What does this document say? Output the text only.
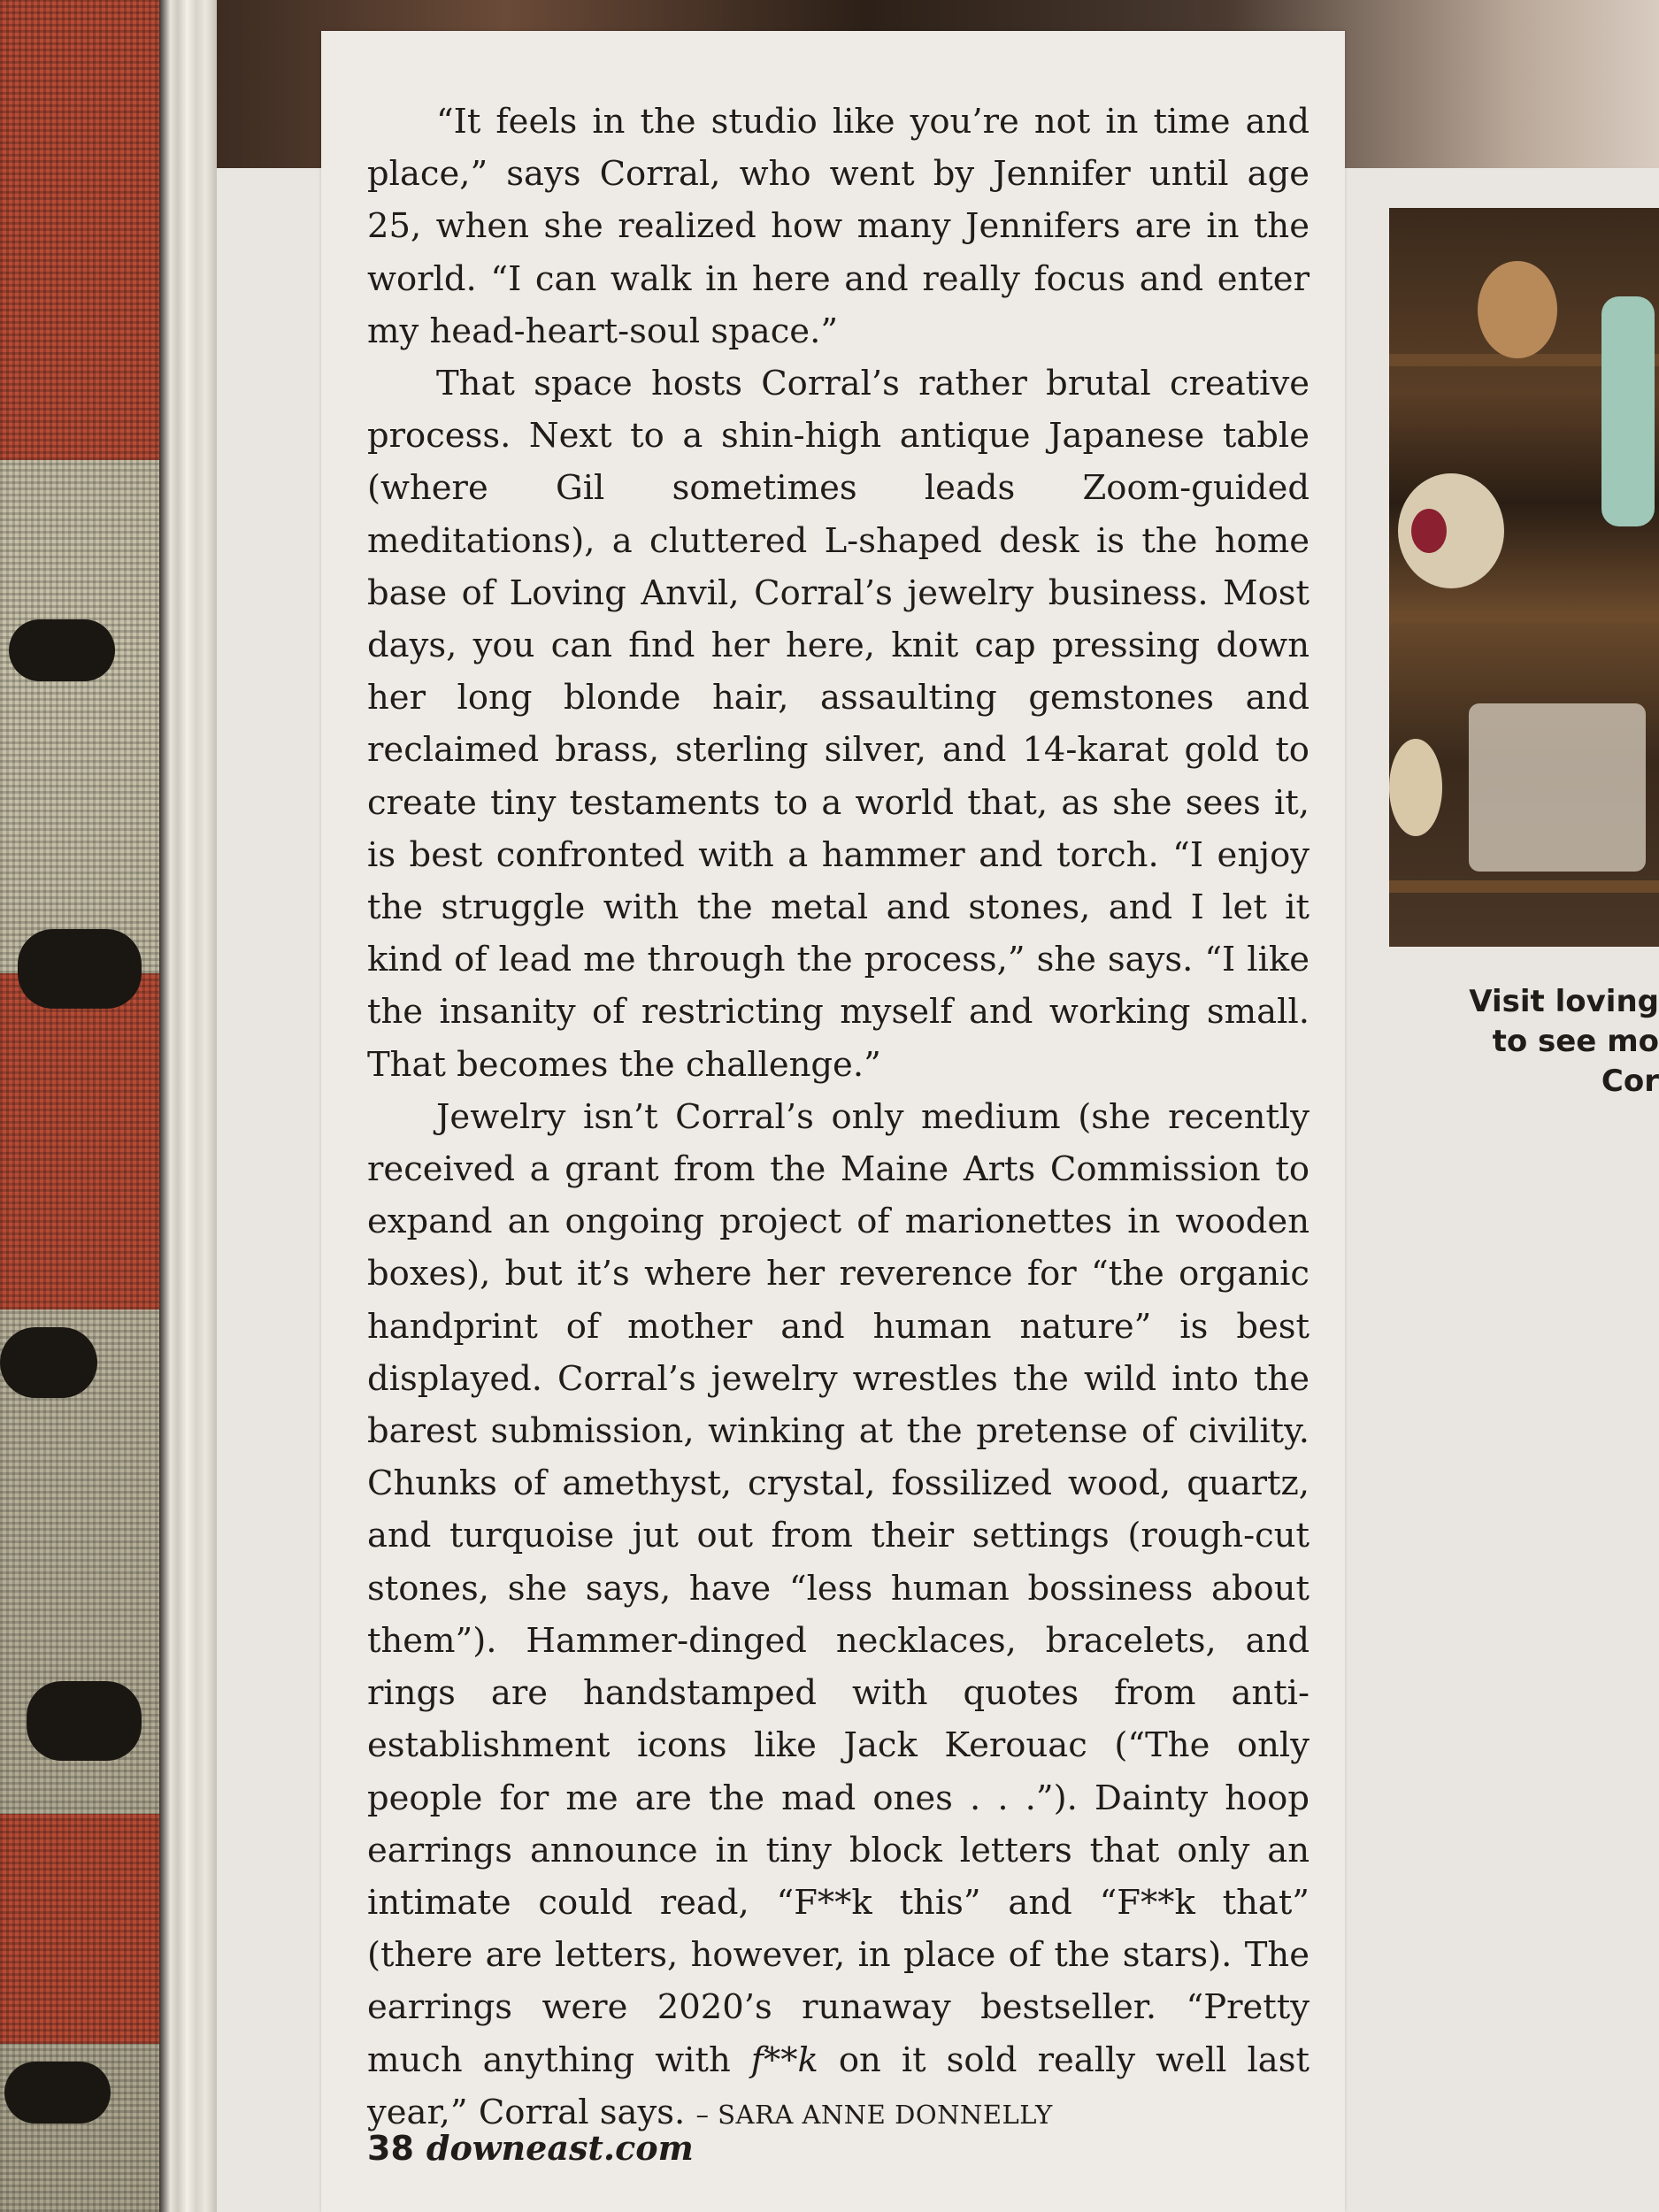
“It feels in the studio like you’re not in time and place,” says Corral, who went by Jennifer until age 25, when she realized how many Jennifers are in the world. “I can walk in here and really focus and enter my head-heart-soul space.”

That space hosts Corral’s rather brutal creative process. Next to a shin-high antique Japanese table (where Gil sometimes leads Zoom-guided meditations), a cluttered L-shaped desk is the home base of Loving Anvil, Corral’s jewelry business. Most days, you can find her here, knit cap pressing down her long blonde hair, assaulting gemstones and reclaimed brass, sterling silver, and 14-karat gold to create tiny testaments to a world that, as she sees it, is best confronted with a hammer and torch. “I enjoy the struggle with the metal and stones, and I let it kind of lead me through the process,” she says. “I like the insanity of restricting myself and working small. That becomes the challenge.”

Jewelry isn’t Corral’s only medium (she recently received a grant from the Maine Arts Commission to expand an ongoing project of marionettes in wooden boxes), but it’s where her reverence for “the organic handprint of mother and human nature” is best displayed. Corral’s jewelry wrestles the wild into the barest submission, winking at the pretense of civility. Chunks of amethyst, crystal, fossilized wood, quartz, and turquoise jut out from their settings (rough-cut stones, she says, have “less human bossiness about them”). Hammer-dinged necklaces, bracelets, and rings are handstamped with quotes from anti-establishment icons like Jack Kerouac (“The only people for me are the mad ones . . .”). Dainty hoop earrings announce in tiny block letters that only an intimate could read, “F**k this” and “F**k that” (there are letters, however, in place of the stars). The earrings were 2020’s runaway bestseller. “Pretty much anything with f**k on it sold really well last year,” Corral says. – SARA ANNE DONNELLY

38 downeast.com
Visit loving
to see mo
Cor
